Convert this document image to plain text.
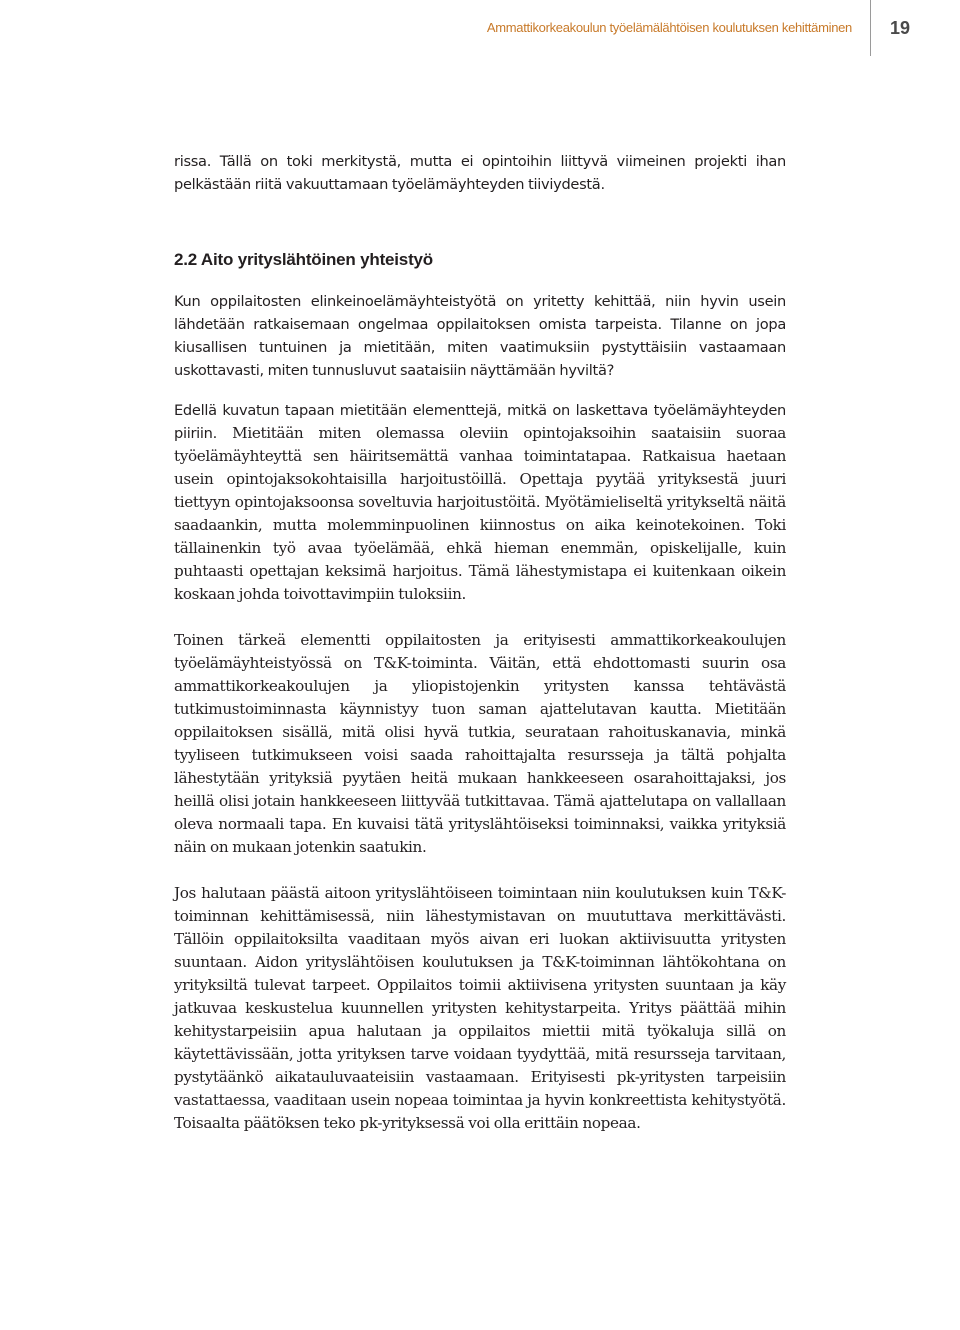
Ammattikorkeakoulun työelämälähtöisen koulutuksen kehittäminen	19

rissa. Tällä on toki merkitystä, mutta ei opintoihin liittyvä viimeinen projekti ihan pelkästään riitä vakuuttamaan työelämäyhteyden tiiviydestä.

2.2 Aito yrityslähtöinen yhteistyö

Kun oppilaitosten elinkeinoelämäyhteistyötä on yritetty kehittää, niin hyvin usein lähdetään ratkaisemaan ongelmaa oppilaitoksen omista tarpeista. Tilanne on jopa kiusallisen tuntuinen ja mietitään, miten vaatimuksiin pystyttäisiin vastaamaan uskottavasti, miten tunnusluvut saataisiin näyttämään hyviltä?

Edellä kuvatun tapaan mietitään elementtejä, mitkä on laskettava työelämäyhteyden piiriin. Mietitään miten olemassa oleviin opintojaksoihin saataisiin suoraa työelämäyhteyttä sen häiritsemättä vanhaa toimintatapaa. Ratkaisua haetaan usein opintojaksokohtaisilla harjoitustöillä. Opettaja pyytää yrityksestä juuri tiettyyn opintojaksoonsa soveltuvia harjoitustöitä. Myötämieliseltä yritykseltä näitä saadaankin, mutta molemminpuolinen kiinnostus on aika keinotekoinen. Toki tällainenkin työ avaa työelämää, ehkä hieman enemmän, opiskelijalle, kuin puhtaasti opettajan keksimä harjoitus. Tämä lähestymistapa ei kuitenkaan oikein koskaan johda toivottavimpiin tuloksiin.

Toinen tärkeä elementti oppilaitosten ja erityisesti ammattikorkeakoulujen työelämäyhteistyössä on T&K-toiminta. Väitän, että ehdottomasti suurin osa ammattikorkeakoulujen ja yliopistojenkin yritysten kanssa tehtävästä tutkimustoiminnasta käynnistyy tuon saman ajattelutavan kautta. Mietitään oppilaitoksen sisällä, mitä olisi hyvä tutkia, seurataan rahoituskanavia, minkä tyyliseen tutkimukseen voisi saada rahoittajalta resursseja ja tältä pohjalta lähestytään yrityksiä pyytäen heitä mukaan hankkeeseen osarahoittajaksi, jos heillä olisi jotain hankkeeseen liittyvää tutkittavaa. Tämä ajattelutapa on vallallaan oleva normaali tapa. En kuvaisi tätä yrityslähtöiseksi toiminnaksi, vaikka yrityksiä näin on mukaan jotenkin saatukin.

Jos halutaan päästä aitoon yrityslähtöiseen toimintaan niin koulutuksen kuin T&K-toiminnan kehittämisessä, niin lähestymistavan on muututtava merkittävästi. Tällöin oppilaitoksilta vaaditaan myös aivan eri luokan aktiivisuutta yritysten suuntaan. Aidon yrityslähtöisen koulutuksen ja T&K-toiminnan lähtökohtana on yrityksiltä tulevat tarpeet. Oppilaitos toimii aktiivisena yritysten suuntaan ja käy jatkuvaa keskustelua kuunnellen yritysten kehitystarpeita. Yritys päättää mihin kehitystarpeisiin apua halutaan ja oppilaitos miettii mitä työkaluja sillä on käytettävissään, jotta yrityksen tarve voidaan tyydyttää, mitä resursseja tarvitaan, pystytäänkö aikatauluvaateisiin vastaamaan. Erityisesti pk-yritysten tarpeisiin vastattaessa, vaaditaan usein nopeaa toimintaa ja hyvin konkreettista kehitystyötä. Toisaalta päätöksen teko pk-yrityksessä voi olla erittäin nopeaa.
